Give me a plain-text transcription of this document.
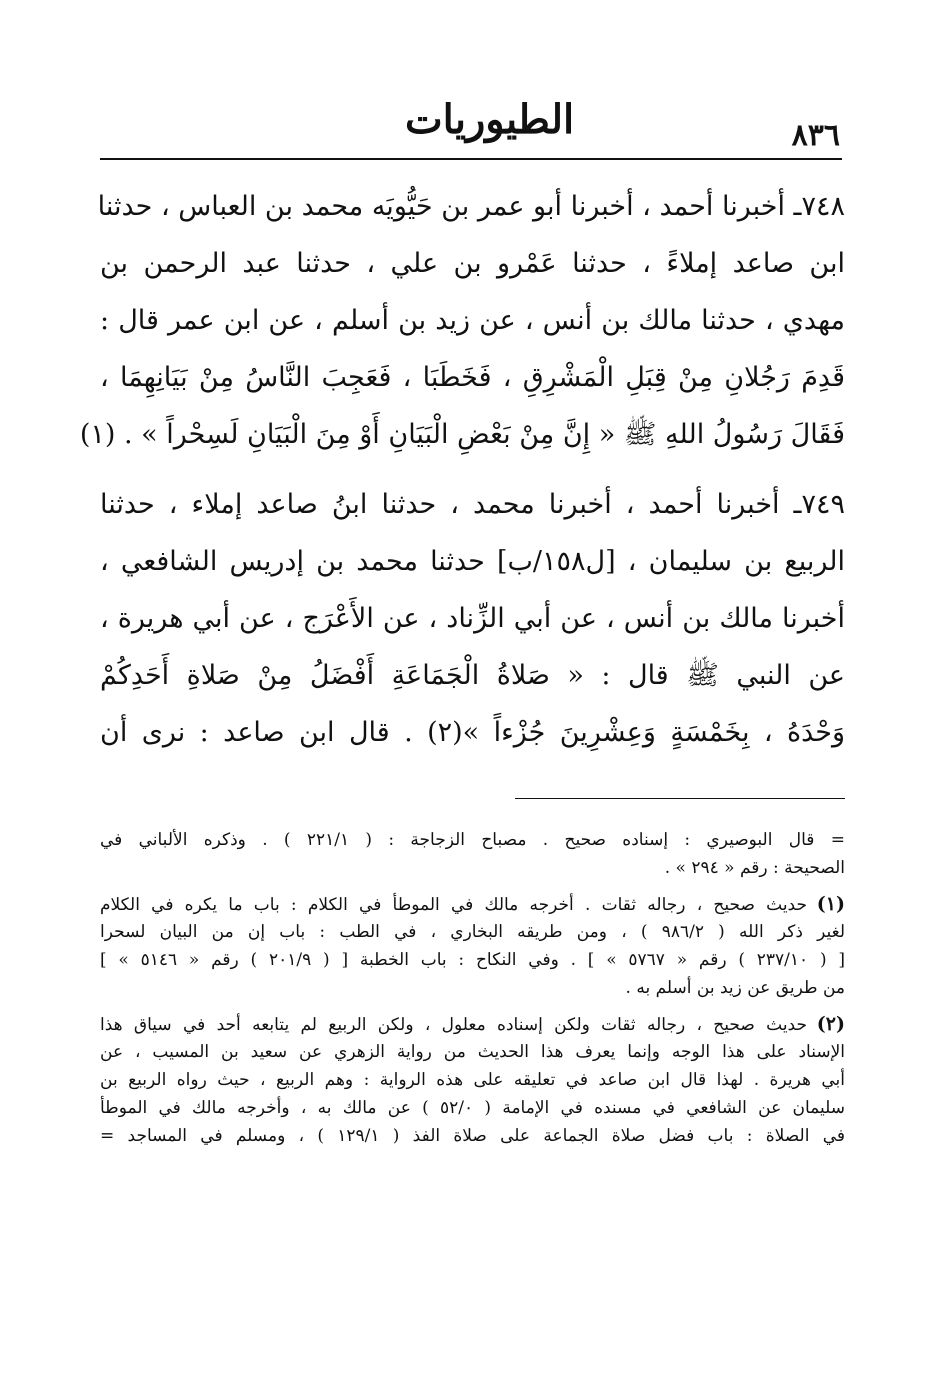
الطيوريات	٨٣٦
٧٤٨ـ أخبرنا أحمد ، أخبرنا أبو عمر بن حَيُّويَه محمد بن العباس ، حدثنا
ابن صاعد إملاءً ، حدثنا عَمْرو بن علي ، حدثنا عبد الرحمن بن
مهدي ، حدثنا مالك بن أنس ، عن زيد بن أسلم ، عن ابن عمر قال :
قَدِمَ رَجُلانِ مِنْ قِبَلِ الْمَشْرِقِ ، فَخَطَبَا ، فَعَجِبَ النَّاسُ مِنْ بَيَانِهِمَا ،
فَقَالَ رَسُولُ اللهِ ﷺ « إِنَّ مِنْ بَعْضِ الْبَيَانِ أَوْ مِنَ الْبَيَانِ لَسِحْراً » . (١)
٧٤٩ـ أخبرنا أحمد ، أخبرنا محمد ، حدثنا ابنُ صاعد إملاء ، حدثنا
الربيع بن سليمان ، [ل١٥٨/ب] حدثنا محمد بن إدريس الشافعي ،
أخبرنا مالك بن أنس ، عن أبي الزِّناد ، عن الأَعْرَج ، عن أبي هريرة ،
عن النبي ﷺ قال : « صَلاةُ الْجَمَاعَةِ أَفْضَلُ مِنْ صَلاةِ أَحَدِكُمْ
وَحْدَهُ ، بِخَمْسَةٍ وَعِشْرِينَ جُزْءاً »(٢) . قال ابن صاعد : نرى أن
= قال البوصيري : إسناده صحيح . مصباح الزجاجة : ( ٢٢١/١ ) . وذكره الألباني في
الصحيحة : رقم « ٢٩٤ » .
(١)حديث صحيح ، رجاله ثقات . أخرجه مالك في الموطأ في الكلام : باب ما يكره في الكلام
لغير ذكر الله ( ٩٨٦/٢ ) ، ومن طريقه البخاري ، في الطب : باب إن من البيان لسحرا
[ ( ٢٣٧/١٠ ) رقم « ٥٧٦٧ » ] . وفي النكاح : باب الخطبة [ ( ٢٠١/٩ ) رقم « ٥١٤٦ » ]
من طريق عن زيد بن أسلم به .
(٢)حديث صحيح ، رجاله ثقات ولكن إسناده معلول ، ولكن الربيع لم يتابعه أحد في سياق هذا
الإسناد على هذا الوجه وإنما يعرف هذا الحديث من رواية الزهري عن سعيد بن المسيب ، عن
أبي هريرة . لهذا قال ابن صاعد في تعليقه على هذه الرواية : وهم الربيع ، حيث رواه الربيع بن
سليمان عن الشافعي في مسنده في الإمامة ( ٥٢/٠ ) عن مالك به ، وأخرجه مالك في الموطأ
في الصلاة : باب فضل صلاة الجماعة على صلاة الفذ ( ١٢٩/١ ) ، ومسلم في المساجد =
